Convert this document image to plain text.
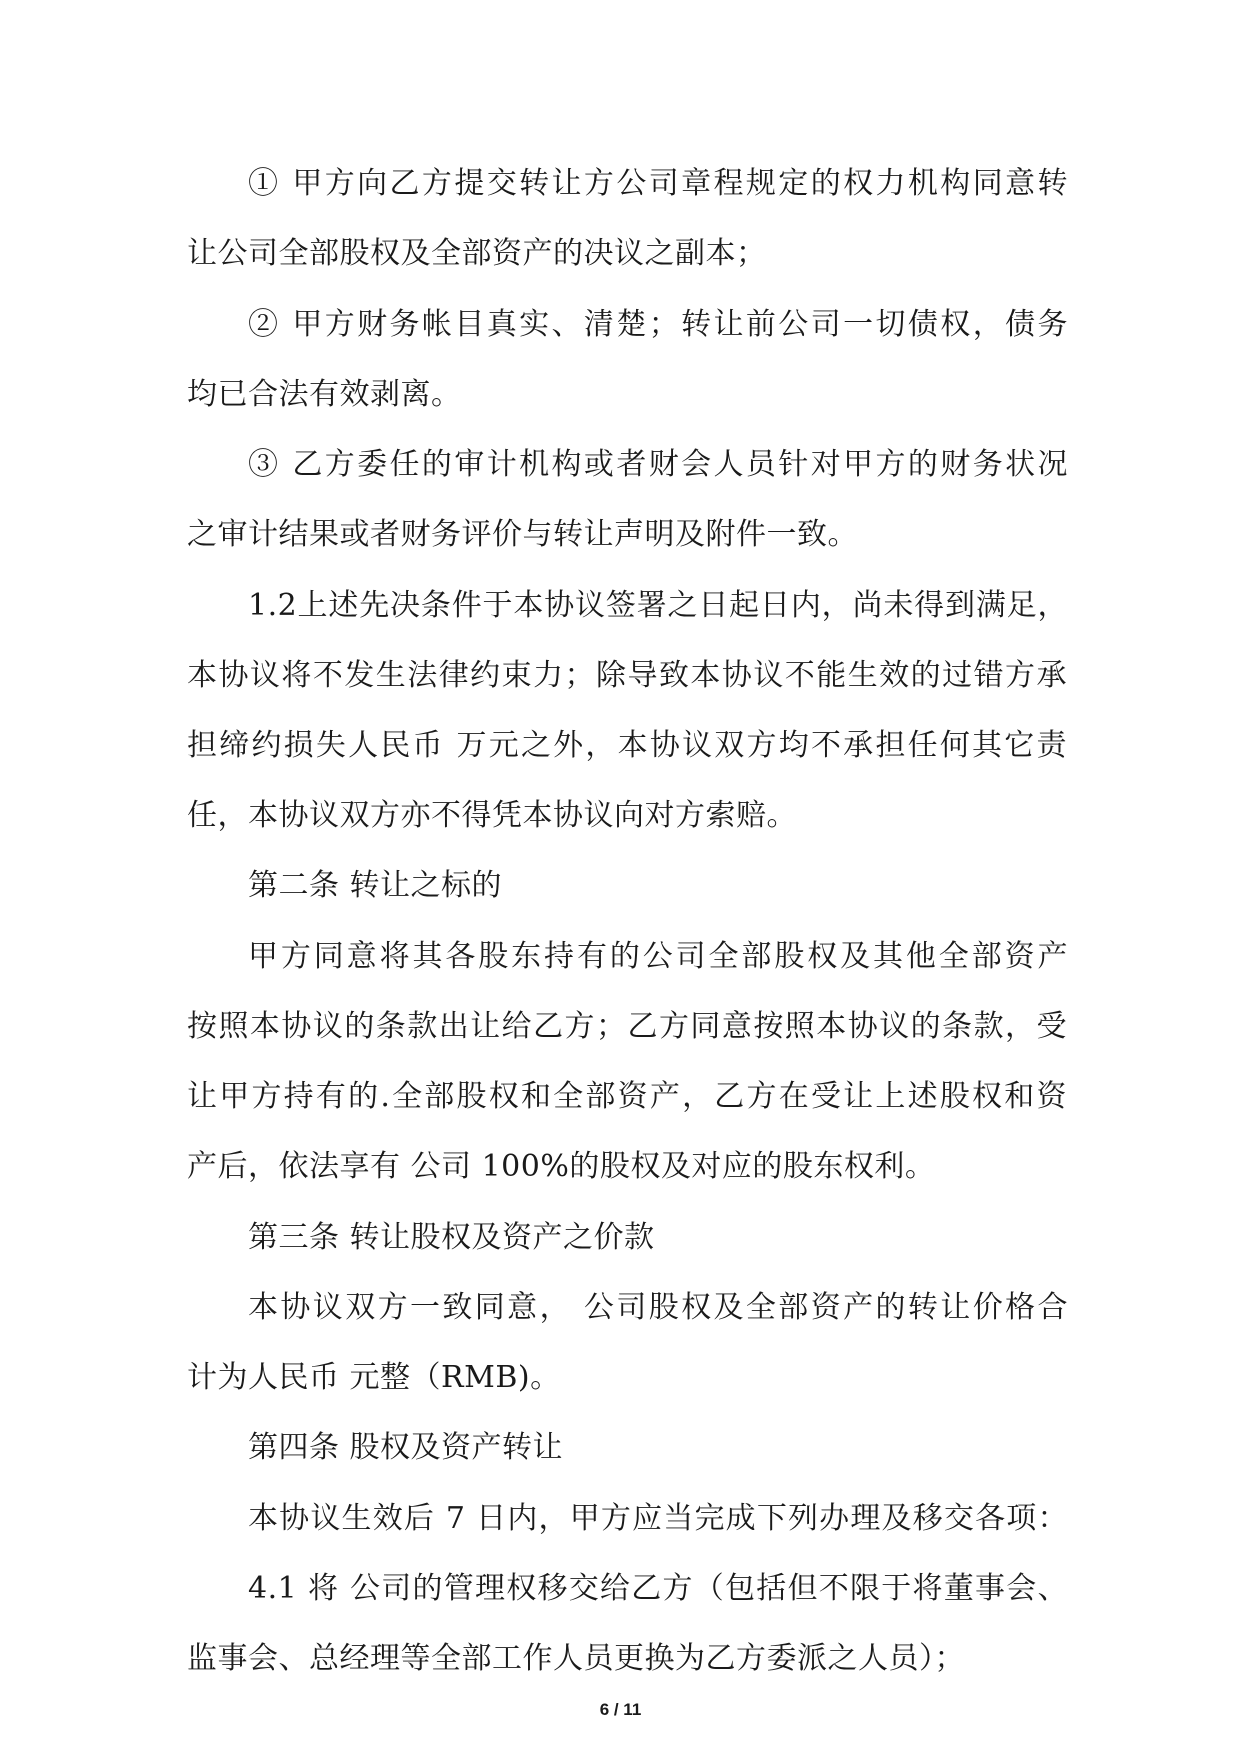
① 甲方向乙方提交转让方公司章程规定的权力机构同意转
让公司全部股权及全部资产的决议之副本；
② 甲方财务帐目真实、清楚；转让前公司一切债权，债务
均已合法有效剥离。
③ 乙方委任的审计机构或者财会人员针对甲方的财务状况
之审计结果或者财务评价与转让声明及附件一致。
1.2上述先决条件于本协议签署之日起日内，尚未得到满足，
本协议将不发生法律约束力；除导致本协议不能生效的过错方承
担缔约损失人民币 万元之外，本协议双方均不承担任何其它责
任，本协议双方亦不得凭本协议向对方索赔。
第二条 转让之标的
甲方同意将其各股东持有的公司全部股权及其他全部资产
按照本协议的条款出让给乙方；乙方同意按照本协议的条款，受
让甲方持有的.全部股权和全部资产，乙方在受让上述股权和资
产后，依法享有 公司 100%的股权及对应的股东权利。
第三条 转让股权及资产之价款
本协议双方一致同意， 公司股权及全部资产的转让价格合
计为人民币 元整（RMB)。
第四条 股权及资产转让
本协议生效后 7 日内，甲方应当完成下列办理及移交各项：
4.1 将 公司的管理权移交给乙方（包括但不限于将董事会、
监事会、总经理等全部工作人员更换为乙方委派之人员）；
6 / 11
